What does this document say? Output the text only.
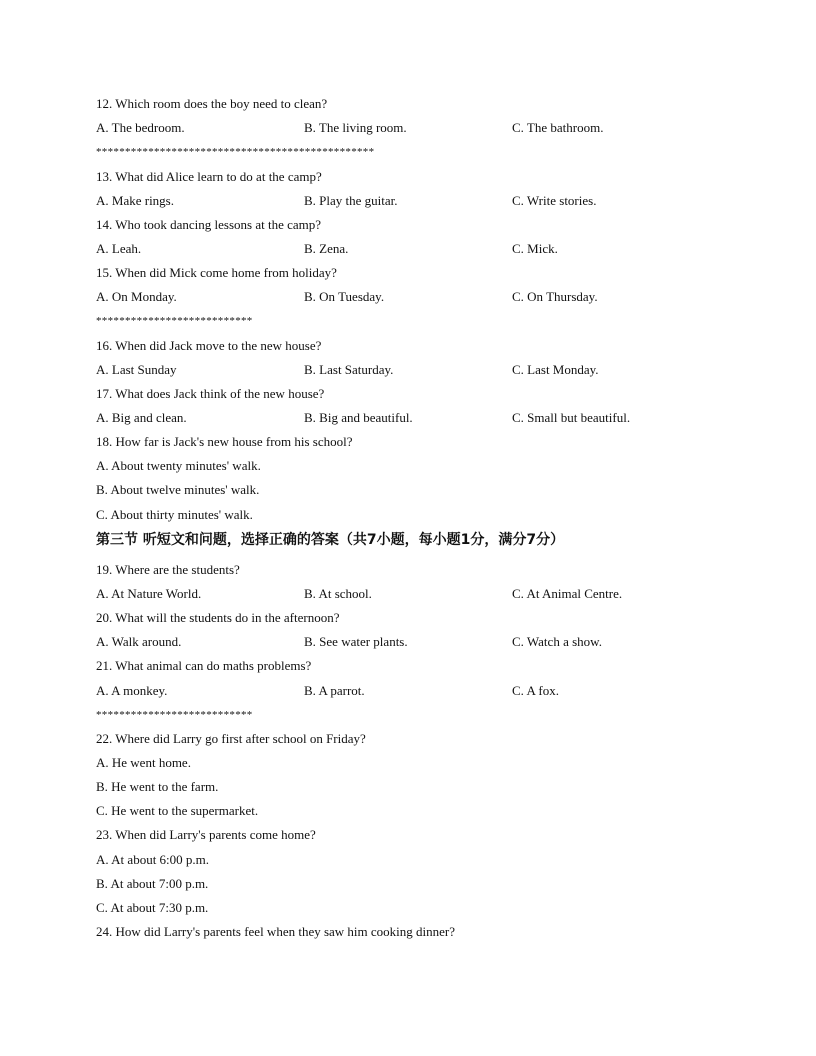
12. Which room does the boy need to clean?
A. The bedroom.	B. The living room.	C. The bathroom.
************************************************
13. What did Alice learn to do at the camp?
A. Make rings.	B. Play the guitar.	C. Write stories.
14. Who took dancing lessons at the camp?
A. Leah.	B. Zena.	C. Mick.
15. When did Mick come home from holiday?
A. On Monday.	B. On Tuesday.	C. On Thursday.
***************************
16. When did Jack move to the new house?
A. Last Sunday	B. Last Saturday.	C. Last Monday.
17. What does Jack think of the new house?
A. Big and clean.	B. Big and beautiful.	C. Small but beautiful.
18. How far is Jack's new house from his school?
A. About twenty minutes' walk.
B. About twelve minutes' walk.
C. About thirty minutes' walk.
第三节 听短文和问题，选择正确的答案（共7小题，每小题1分，满分7分）
19. Where are the students?
A. At Nature World.	B. At school.	C. At Animal Centre.
20. What will the students do in the afternoon?
A. Walk around.	B. See water plants.	C. Watch a show.
21. What animal can do maths problems?
A. A monkey.	B. A parrot.	C. A fox.
***************************
22. Where did Larry go first after school on Friday?
A. He went home.
B. He went to the farm.
C. He went to the supermarket.
23. When did Larry's parents come home?
A. At about 6:00 p.m.
B. At about 7:00 p.m.
C. At about 7:30 p.m.
24. How did Larry's parents feel when they saw him cooking dinner?
